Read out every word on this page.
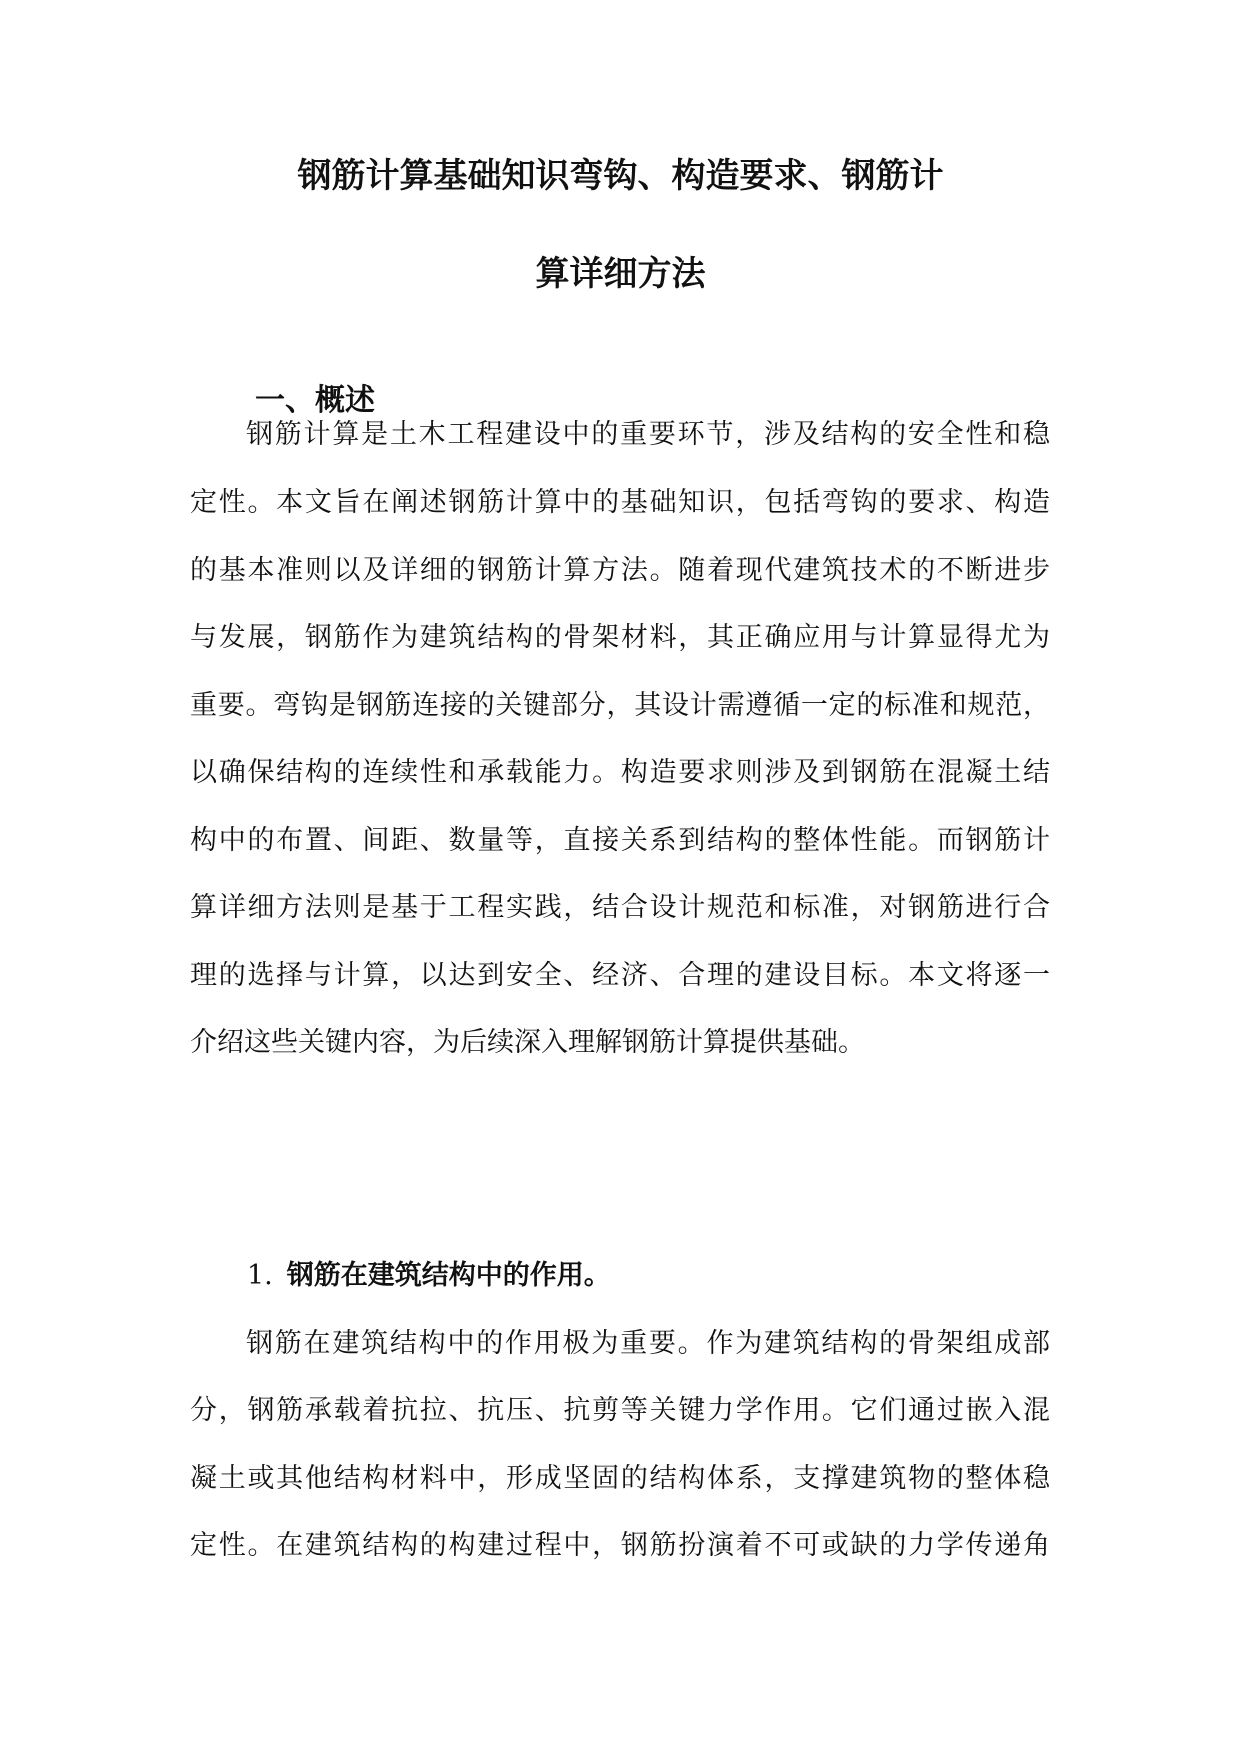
钢筋计算基础知识弯钩、构造要求、钢筋计
算详细方法
一、概述
钢筋计算是土木工程建设中的重要环节，涉及结构的安全性和稳
定性。本文旨在阐述钢筋计算中的基础知识，包括弯钩的要求、构造
的基本准则以及详细的钢筋计算方法。随着现代建筑技术的不断进步
与发展，钢筋作为建筑结构的骨架材料，其正确应用与计算显得尤为
重要。弯钩是钢筋连接的关键部分，其设计需遵循一定的标准和规范，
以确保结构的连续性和承载能力。构造要求则涉及到钢筋在混凝土结
构中的布置、间距、数量等，直接关系到结构的整体性能。而钢筋计
算详细方法则是基于工程实践，结合设计规范和标准，对钢筋进行合
理的选择与计算，以达到安全、经济、合理的建设目标。本文将逐一
介绍这些关键内容，为后续深入理解钢筋计算提供基础。
1. 钢筋在建筑结构中的作用。
钢筋在建筑结构中的作用极为重要。作为建筑结构的骨架组成部
分，钢筋承载着抗拉、抗压、抗剪等关键力学作用。它们通过嵌入混
凝土或其他结构材料中，形成坚固的结构体系，支撑建筑物的整体稳
定性。在建筑结构的构建过程中，钢筋扮演着不可或缺的力学传递角
